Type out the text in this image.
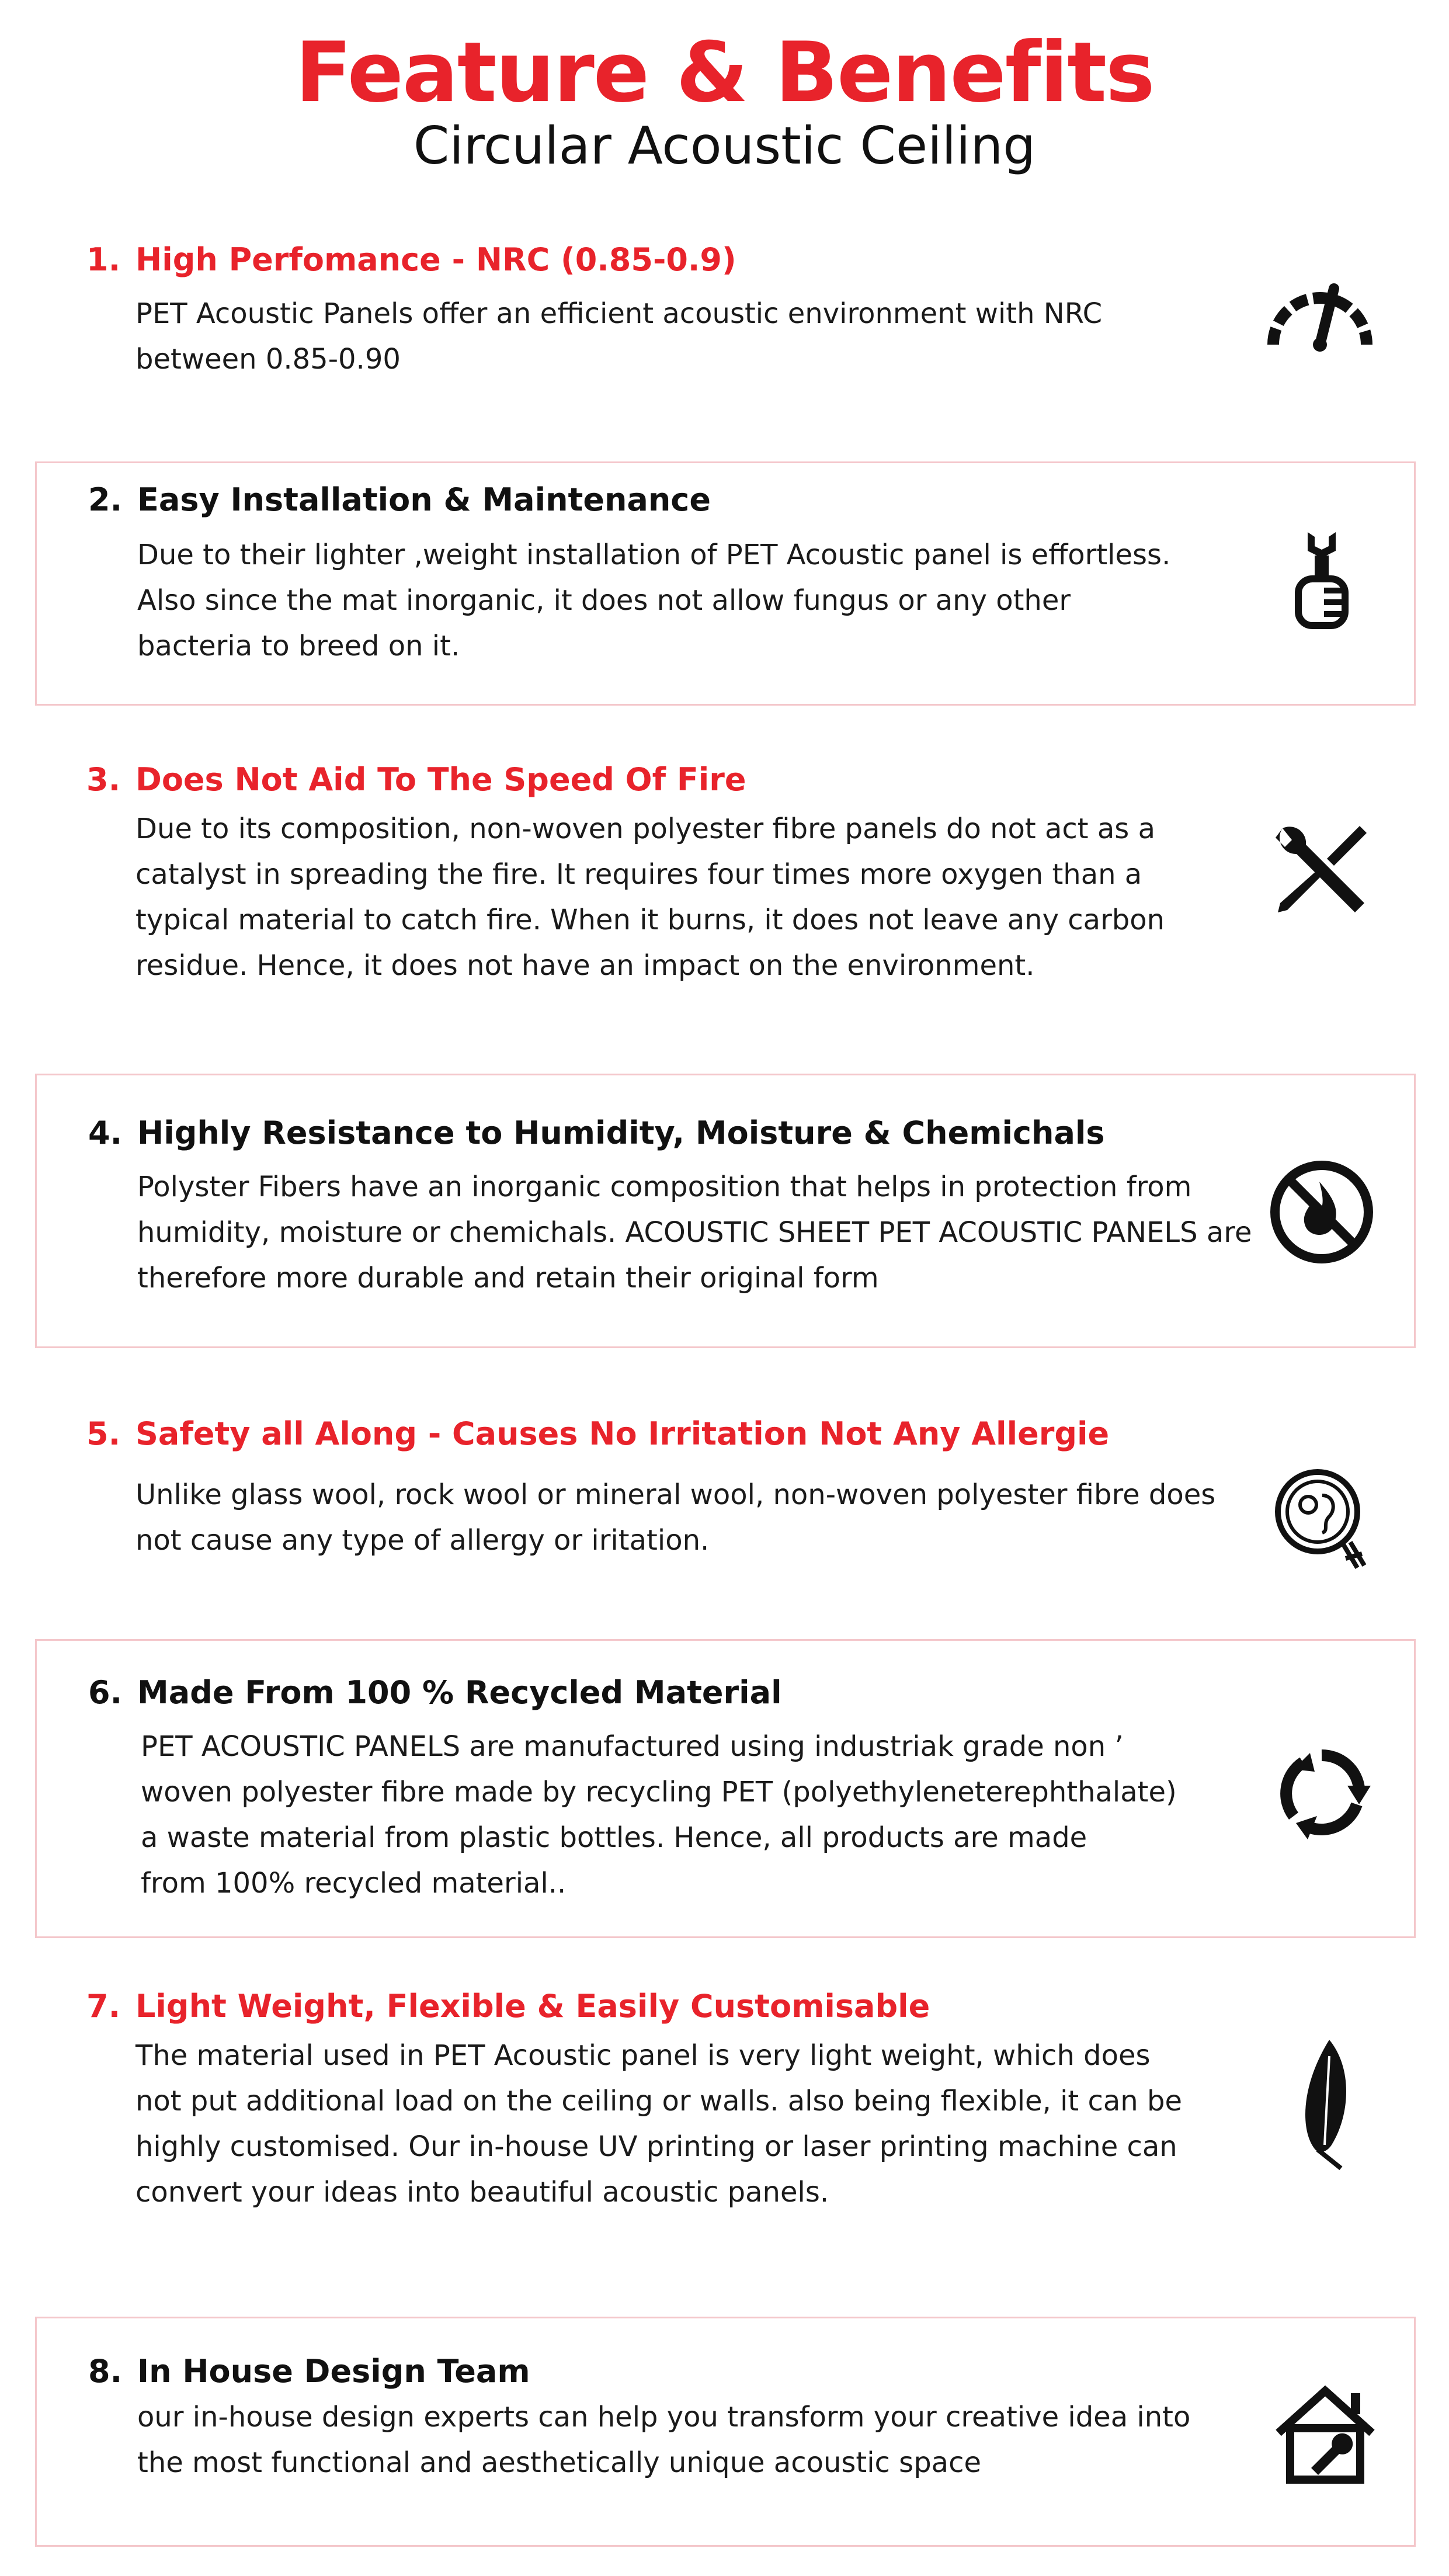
Feature & Benefits
Circular Acoustic Ceiling
1. High Perfomance - NRC (0.85-0.9)
PET Acoustic Panels offer an efficient acoustic environment with NRC
between 0.85-0.90
2. Easy Installation & Maintenance
Due to their lighter ,weight installation of PET Acoustic panel is effortless.
Also since the mat inorganic, it does not allow fungus or any other
bacteria to breed on it.
3. Does Not Aid To The Speed Of Fire
Due to its composition, non-woven polyester fibre panels do not act as a
catalyst in spreading the fire. It requires four times more oxygen than a
typical material to catch fire. When it burns, it does not leave any carbon
residue. Hence, it does not have an impact on the environment.
4. Highly Resistance to Humidity, Moisture & Chemichals
Polyster Fibers have an inorganic composition that helps in protection from
humidity, moisture or chemichals. ACOUSTIC SHEET PET ACOUSTIC PANELS are
therefore more durable and retain their original form
5. Safety all Along - Causes No Irritation Not Any Allergie
Unlike glass wool, rock wool or mineral wool, non-woven polyester fibre does
not cause any type of allergy or iritation.
6. Made From 100 % Recycled Material
PET ACOUSTIC PANELS are manufactured using industriak grade non ’
woven polyester fibre made by recycling PET (polyethyleneterephthalate)
a waste material from plastic bottles. Hence, all products are made
from 100% recycled material..
7. Light Weight, Flexible & Easily Customisable
The material used in PET Acoustic panel is very light weight, which does
not put additional load on the ceiling or walls. also being flexible, it can be
highly customised. Our in-house UV printing or laser printing machine can
convert your ideas into beautiful acoustic panels.
8. In House Design Team
our in-house design experts can help you transform your creative idea into
the most functional and aesthetically unique acoustic space
